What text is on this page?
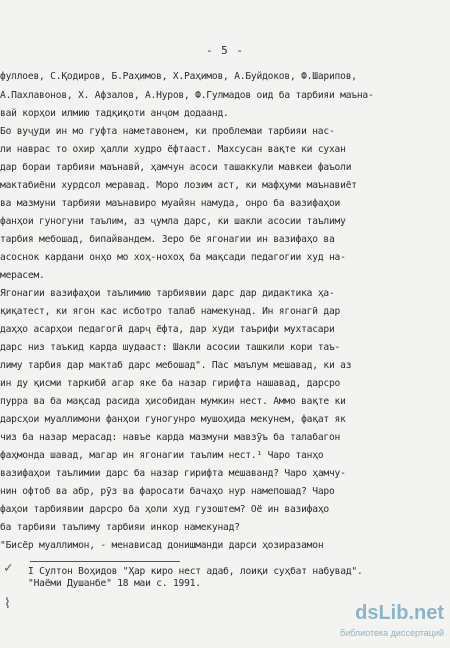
- 5 -
фуллоев, С.Қодиров, Б.Раҳимов, Х.Раҳимов, А.Буйдоков, Ф.Шарипов,
А.Пахлавонов, Х. Афзалов, А.Нуров, Ф.Гулмадов оид ба тарбияи маъна-
вай корҳои илмию тадқиқоти анҷом додаанд.
Бо вуҷуди ин мо гуфта наметавонем, ки проблемаи тарбияи нас-
ли наврас то охир ҳалли худро ёфтааст. Махсусан вақте ки сухан
дар бораи тарбияи маънавй, ҳамчун асоси ташаккули мавкеи фаъоли
мактабиёни хурдсол меравад. Моро лозим аст, ки мафҳуми маънавиёт
ва мазмуни тарбияи маънавиро муайян намуда, онро ба вазифаҳои
фанҳои гуногуни таълим, аз ҷумла дарс, ки шакли асосии таълиму
тарбия мебошад, бипайвандем. Зеро бе ягонагии ин вазифаҳо ва
асоснок кардани онҳо мо хоҳ-нохоҳ ба мақсади педагогии худ на-
мерасем.
Ягонагии вазифаҳои таълимию тарбиявии дарс дар дидактика ҳа-
қиқатест, ки ягон кас исботро талаб намекунад. Ин ягонагӣ дар
даҳҳо асарҳои педагогӣ дарҷ ёфта, дар худи таърифи мухтасари
дарс низ таъкид карда шудааст: Шакли асосии ташкили кори таъ-
лиму тарбия дар мактаб дарс мебошад". Пас маълум мешавад, ки аз
ин ду қисми таркибӣ агар яке ба назар гирифта нашавад, дарсро
пурра ва ба мақсад расида ҳисобидан мумкин нест. Аммо вақте ки
дарсҳои муаллимони фанҳои гуногунро мушоҳида мекунем, фақат як
чиз ба назар мерасад: навъе карда мазмуни мавзӯъ ба талабагон
фаҳмонда шавад, магар ин ягонагии таълим нест.¹ Чаро танҳо
вазифаҳои таълимии дарс ба назар гирифта мешаванд? Чаро ҳамчу-
нин офтоб ва абр, рӯз ва фаросати бачаҳо нур намепошад? Чаро
фаҳои тарбиявии дарсро ба ҳоли худ гузоштем? Оё ин вазифаҳо
ба тарбияи таълиму тарбияи инкор намекунад?
"Бисёр муаллимон, - менависад донишманди дарси ҳозиразамон
I Султон Воҳидов "Ҳар киро нест адаб, лоиқи суҳбат набувад".
"Наёми Душанбе" 18 маи с. 1991.
✓
⌇	dsLib.net
библиотека диссертаций
